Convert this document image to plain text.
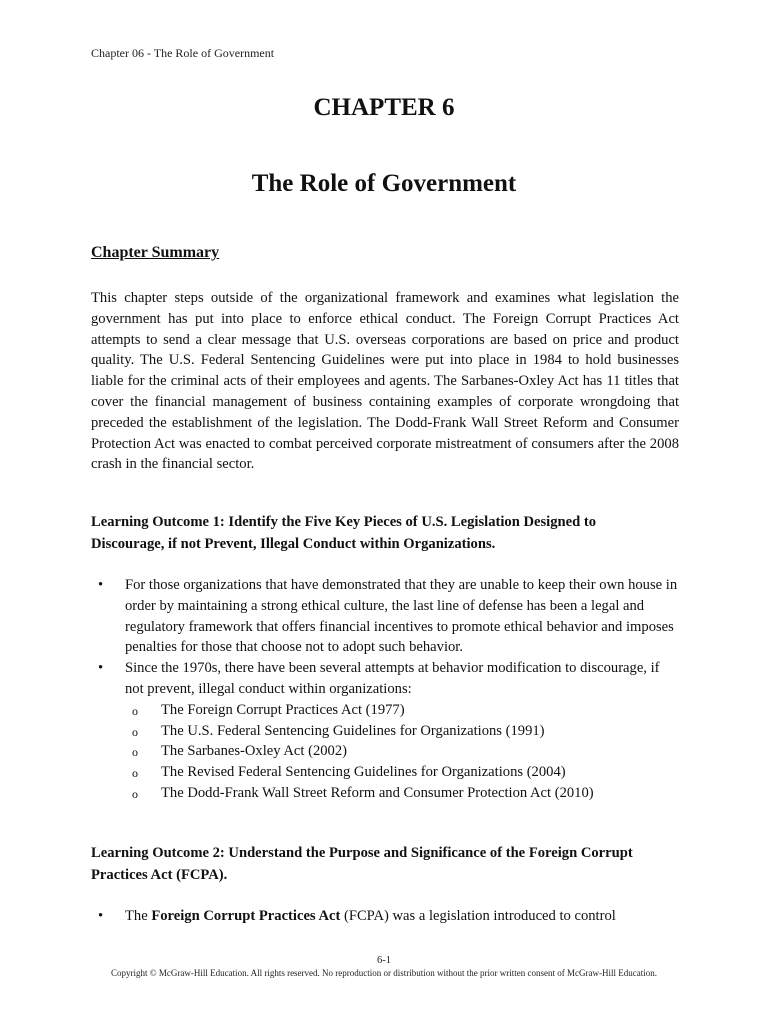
Chapter 06 - The Role of Government
CHAPTER 6
The Role of Government
Chapter Summary

This chapter steps outside of the organizational framework and examines what legislation the government has put into place to enforce ethical conduct. The Foreign Corrupt Practices Act attempts to send a clear message that U.S. overseas corporations are based on price and product quality. The U.S. Federal Sentencing Guidelines were put into place in 1984 to hold businesses liable for the criminal acts of their employees and agents. The Sarbanes-Oxley Act has 11 titles that cover the financial management of business containing examples of corporate wrongdoing that preceded the establishment of the legislation. The Dodd-Frank Wall Street Reform and Consumer Protection Act was enacted to combat perceived corporate mistreatment of consumers after the 2008 crash in the financial sector.

Learning Outcome 1: Identify the Five Key Pieces of U.S. Legislation Designed to Discourage, if not Prevent, Illegal Conduct within Organizations.

• For those organizations that have demonstrated that they are unable to keep their own house in order by maintaining a strong ethical culture, the last line of defense has been a legal and regulatory framework that offers financial incentives to promote ethical behavior and imposes penalties for those that choose not to adopt such behavior.
• Since the 1970s, there have been several attempts at behavior modification to discourage, if not prevent, illegal conduct within organizations:
o The Foreign Corrupt Practices Act (1977)
o The U.S. Federal Sentencing Guidelines for Organizations (1991)
o The Sarbanes-Oxley Act (2002)
o The Revised Federal Sentencing Guidelines for Organizations (2004)
o The Dodd-Frank Wall Street Reform and Consumer Protection Act (2010)

Learning Outcome 2: Understand the Purpose and Significance of the Foreign Corrupt Practices Act (FCPA).

• The Foreign Corrupt Practices Act (FCPA) was a legislation introduced to control
6-1
Copyright © McGraw-Hill Education. All rights reserved. No reproduction or distribution without the prior written consent of McGraw-Hill Education.
